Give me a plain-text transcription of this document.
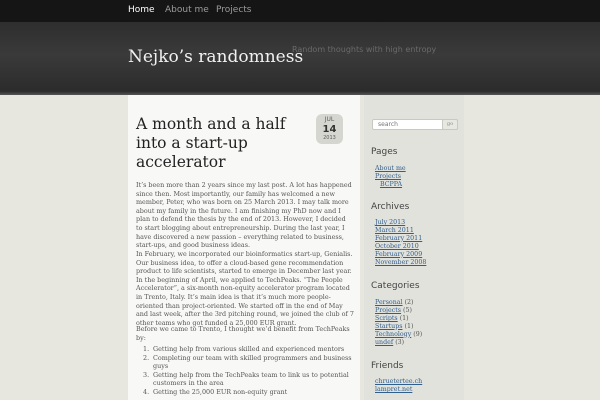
Home About me Projects
Nejko’s randomness
Random thoughts with high entropy
A month and a half into a start-up accelerator
JUL
14
2013

It’s been more than 2 years since my last post. A lot has happened since then. Most importantly, our family has welcomed a new member, Peter, who was born on 25 March 2013. I may talk more about my family in the future. I am finishing my PhD now and I plan to defend the thesis by the end of 2013. However, I decided to start blogging about entrepreneurship. During the last year, I have discovered a new passion – everything related to business, start-ups, and good business ideas.

In February, we incorporated our bioinformatics start-up, Genialis. Our business idea, to offer a cloud-based gene recommendation product to life scientists, started to emerge in December last year. In the beginning of April, we applied to TechPeaks. “The People Accelerator”, a six-month non-equity accelerator program located in Trento, Italy. It’s main idea is that it’s much more people-oriented than project-oriented. We started off in the end of May and last week, after the 3rd pitching round, we joined the club of 7 other teams who got funded a 25,000 EUR grant.

Before we came to Trento, I thought we’d benefit from TechPeaks by:

1. Getting help from various skilled and experienced mentors
2. Completing our team with skilled programmers and business guys
3. Getting help from the TechPeaks team to link us to potential customers in the area
4. Getting the 25,000 EUR non-equity grant
search
go
Pages
About me
Projects
BCPPA
Archives
July 2013
March 2011
February 2011
October 2010
February 2009
November 2008
Categories
Personal (2)
Projects (5)
Scripts (1)
Startups (1)
Technology (9)
undef (3)
Friends
chruetertee.ch
lampret.net
